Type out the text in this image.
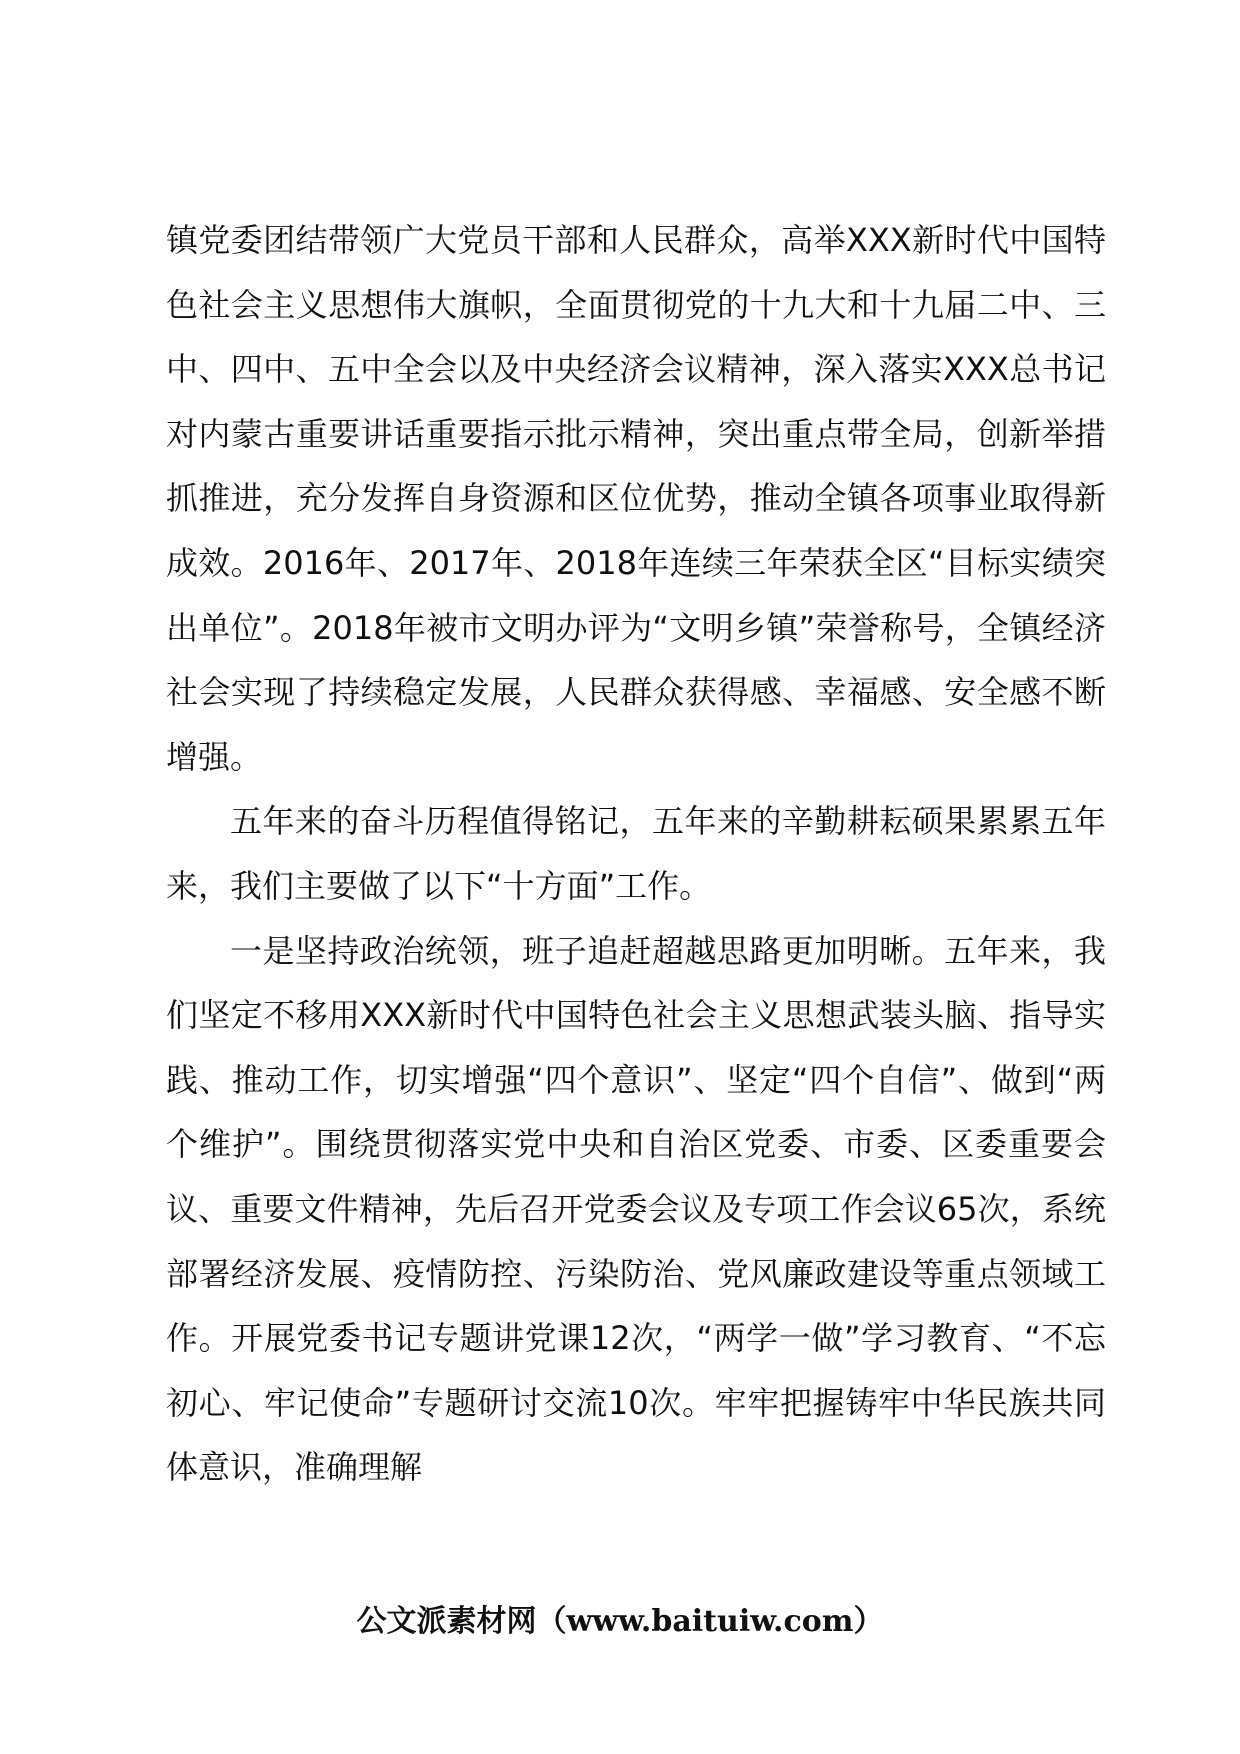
镇党委团结带领广大党员干部和人民群众，高举XXX新时代中国特色社会主义思想伟大旗帜，全面贯彻党的十九大和十九届二中、三中、四中、五中全会以及中央经济会议精神，深入落实XXX总书记对内蒙古重要讲话重要指示批示精神，突出重点带全局，创新举措抓推进，充分发挥自身资源和区位优势，推动全镇各项事业取得新成效。2016年、2017年、2018年连续三年荣获全区“目标实绩突出单位”。2018年被市文明办评为“文明乡镇”荣誉称号，全镇经济社会实现了持续稳定发展，人民群众获得感、幸福感、安全感不断增强。

五年来的奋斗历程值得铭记，五年来的辛勤耕耘硕果累累五年来，我们主要做了以下“十方面”工作。

一是坚持政治统领，班子追赶超越思路更加明晰。五年来，我们坚定不移用XXX新时代中国特色社会主义思想武装头脑、指导实践、推动工作，切实增强“四个意识”、坚定“四个自信”、做到“两个维护”。围绕贯彻落实党中央和自治区党委、市委、区委重要会议、重要文件精神，先后召开党委会议及专项工作会议65次，系统部署经济发展、疫情防控、污染防治、党风廉政建设等重点领域工作。开展党委书记专题讲党课12次，“两学一做”学习教育、“不忘初心、牢记使命”专题研讨交流10次。牢牢把握铸牢中华民族共同体意识，准确理解

公文派素材网（www.baituiw.com）
